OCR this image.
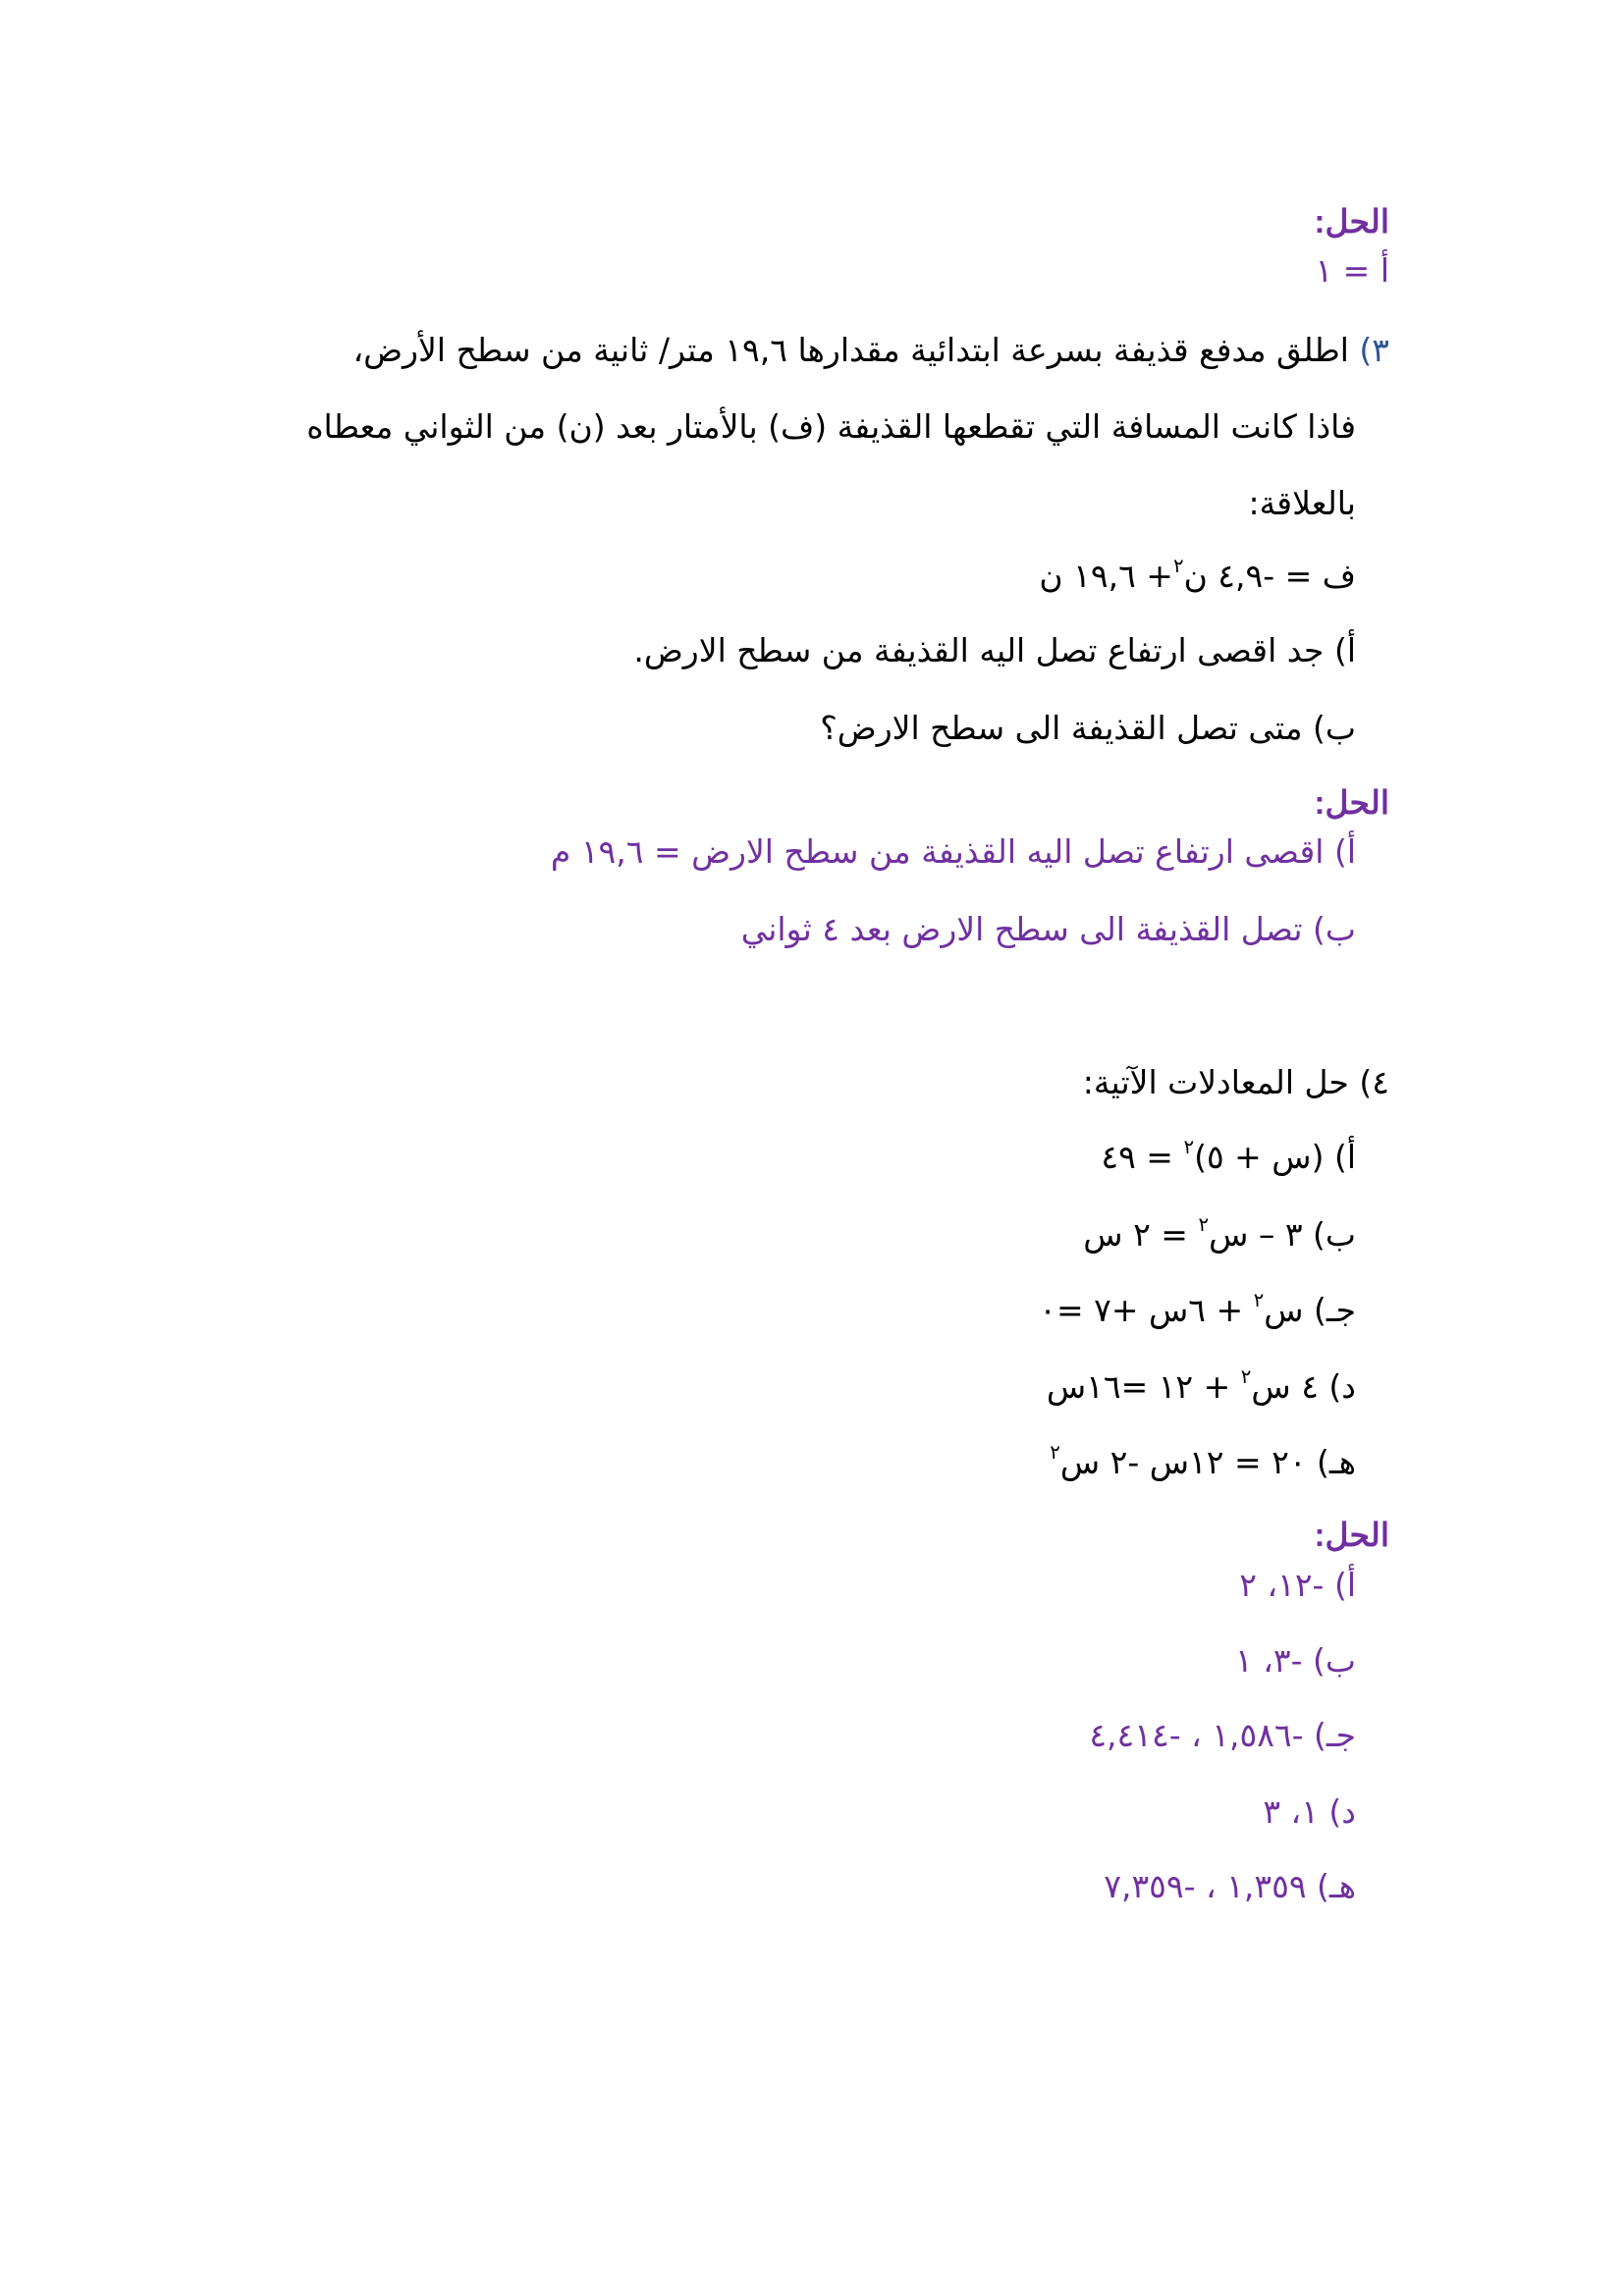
الحل:
أ = ١
٣) اطلق مدفع قذيفة بسرعة ابتدائية مقدارها ١٩,٦ متر/ ثانية من سطح الأرض،
فاذا كانت المسافة التي تقطعها القذيفة (ف) بالأمتار بعد (ن) من الثواني معطاه
بالعلاقة:
ف = -٤,٩ ن$^٢$+ ١٩,٦ ن
أ) جد اقصى ارتفاع تصل اليه القذيفة من سطح الارض.
ب) متى تصل القذيفة الى سطح الارض؟
الحل:
أ) اقصى ارتفاع تصل اليه القذيفة من سطح الارض = ١٩,٦ م
ب) تصل القذيفة الى سطح الارض بعد ٤ ثواني
٤) حل المعادلات الآتية:
أ) (س + ٥)$^٢$ = ٤٩
ب) ٣ – س$^٢$ = ٢ س
جـ) س$^٢$ + ٦س +٧ =٠
د) ٤ س$^٢$ + ١٢ =١٦س
هـ) ٢٠ = ١٢س -٢ س$^٢$
الحل:
أ) -١٢، ٢
ب) -٣، ١
جـ) -١,٥٨٦ ، -٤,٤١٤
د) ١، ٣
هـ) ١,٣٥٩ ، -٧,٣٥٩
